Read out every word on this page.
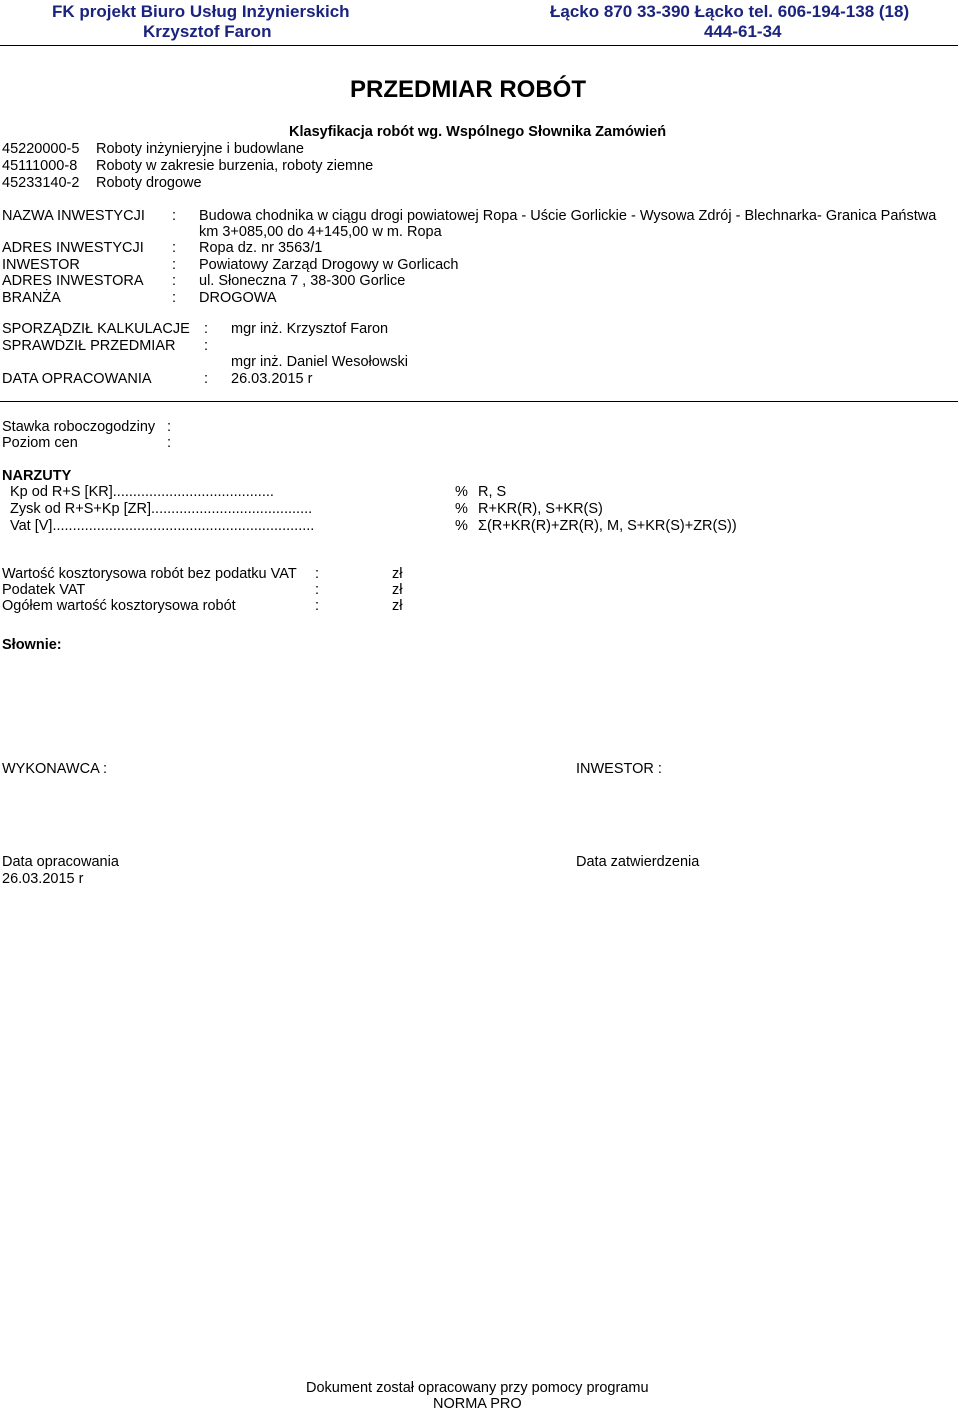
FK projekt Biuro Usług Inżynierskich
Krzysztof Faron
Łącko 870 33-390 Łącko tel. 606-194-138 (18)
444-61-34
PRZEDMIAR ROBÓT
Klasyfikacja robót wg. Wspólnego Słownika Zamówień
45220000-5 Roboty inżynieryjne i budowlane
45111000-8 Roboty w zakresie burzenia, roboty ziemne
45233140-2 Roboty drogowe
NAZWA INWESTYCJI : Budowa chodnika w ciągu drogi powiatowej Ropa - Uście Gorlickie - Wysowa Zdrój - Blechnarka- Granica Państwa
km 3+085,00 do 4+145,00 w m. Ropa
ADRES INWESTYCJI : Ropa dz. nr 3563/1
INWESTOR	: Powiatowy Zarząd Drogowy w Gorlicach
ADRES INWESTORA : ul. Słoneczna 7 , 38-300 Gorlice
BRANŻA	: DROGOWA
SPORZĄDZIŁ KALKULACJE : mgr inż. Krzysztof Faron
SPRAWDZIŁ PRZEDMIAR :
mgr inż. Daniel Wesołowski
DATA OPRACOWANIA	: 26.03.2015 r
Stawka roboczogodziny :
Poziom cen	:
NARZUTY
Kp od R+S [KR]........................................	% R, S
Zysk od R+S+Kp [ZR]........................................	% R+KR(R), S+KR(S)
Vat [V].................................................................	% Σ(R+KR(R)+ZR(R), M, S+KR(S)+ZR(S))
Wartość kosztorysowa robót bez podatku VAT :	zł
Podatek VAT	:	zł
Ogółem wartość kosztorysowa robót	:	zł
Słownie:
WYKONAWCA :	INWESTOR :
Data opracowania
26.03.2015 r
Data zatwierdzenia
Dokument został opracowany przy pomocy programu
NORMA PRO
